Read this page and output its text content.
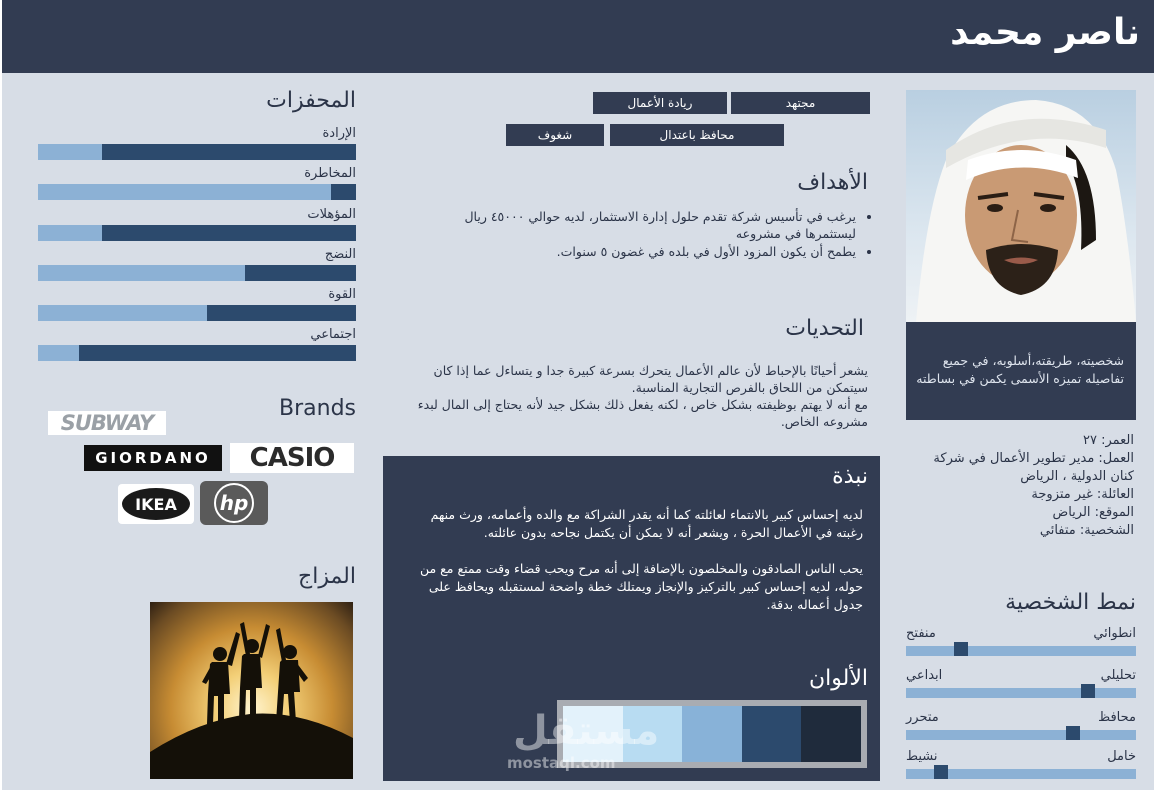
ناصر محمد
شخصيته، طريقته،أسلوبه، في جميع تفاصيله تميزه الأسمى يكمن في بساطته
العمر: ٢٧
العمل: مدير تطوير الأعمال في شركة كنان الدولية ، الرياض
العائلة: غير متزوجة
الموقع: الرياض
الشخصية: متفائي
نمط الشخصية
انطوائي
منفتح
تحليلي
ابداعي
محافظ
متحرر
خامل
نشيط
مجتهد
ريادة الأعمال
محافظ باعتدال
شغوف
الأهداف
• يرغب في تأسيس شركة تقدم حلول إدارة الاستثمار، لديه حوالي ٤٥٠٠٠ ريال ليستثمرها في مشروعه
• يطمح أن يكون المزود الأول في بلده في غضون ٥ سنوات.
التحديات

يشعر أحيانًا بالإحباط لأن عالم الأعمال يتحرك بسرعة كبيرة جدا و يتساءل عما إذا كان سيتمكن من اللحاق بالفرص التجارية المناسبة.

مع أنه لا يهتم بوظيفته بشكل خاص ، لكنه يفعل ذلك بشكل جيد لأنه يحتاج إلى المال لبدء مشروعه الخاص.

نبذة

لديه إحساس كبير بالانتماء لعائلته كما أنه يقدر الشراكة مع والده وأعمامه، ورث منهم رغبته في الأعمال الحرة ، ويشعر أنه لا يمكن أن يكتمل نجاحه بدون عائلته.

يحب الناس الصادقون والمخلصون بالإضافة إلى أنه مرح ويحب قضاء وقت ممتع مع من حوله، لديه إحساس كبير بالتركيز والإنجاز ويمتلك خطة واضحة لمستقبله ويحافظ على جدول أعماله بدقة.

الألوان
مستقل
mostaql.com
المحفزات
الإرادة
المخاطرة
المؤهلات
النضج
القوة
اجتماعي
Brands
SUBWAY
GIORDANO CASIO
IKEA hp
المزاج
